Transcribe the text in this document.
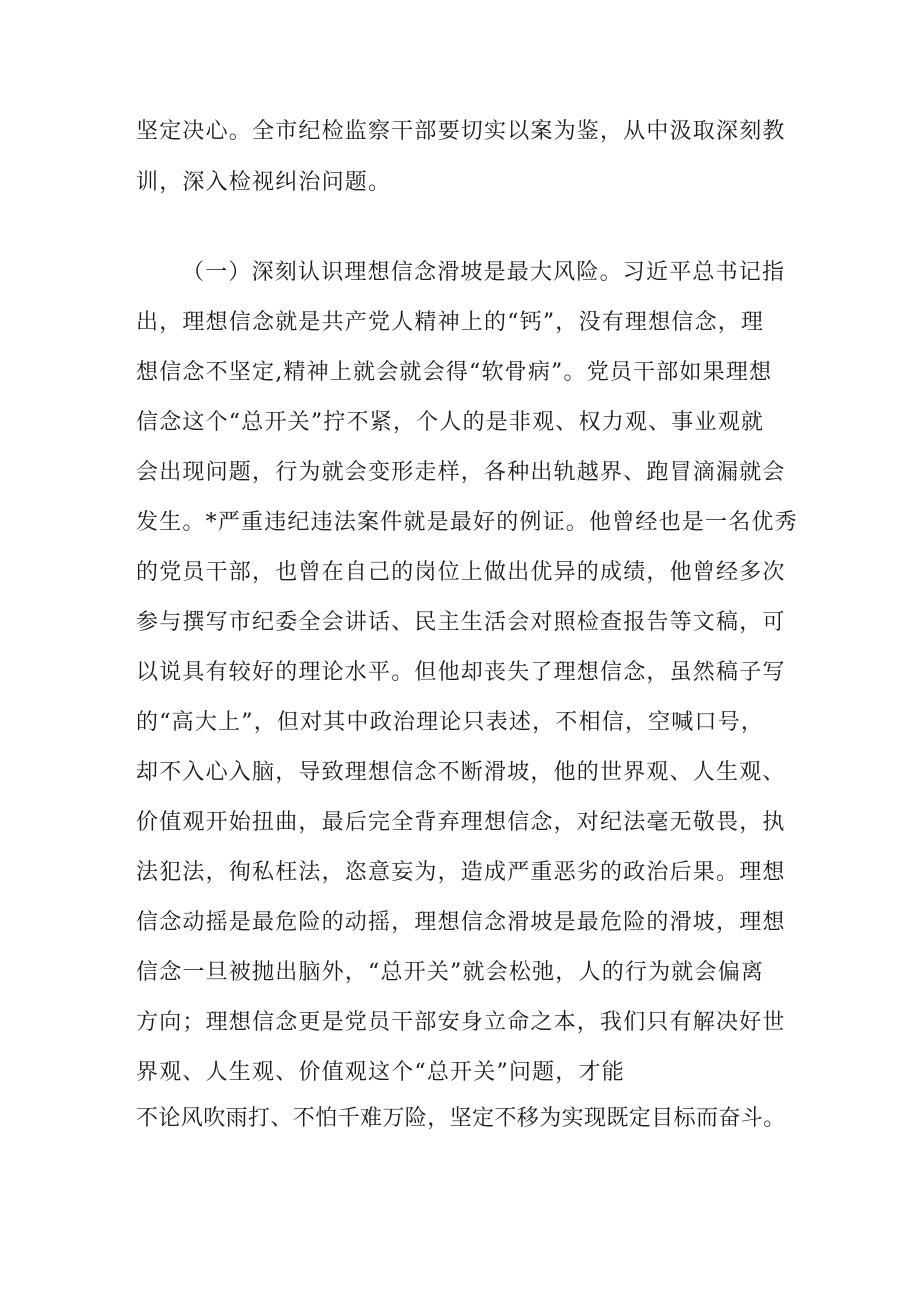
坚定决心。全市纪检监察干部要切实以案为鉴，从中汲取深刻教
训，深入检视纠治问题。
（一）深刻认识理想信念滑坡是最大风险。习近平总书记指
出，理想信念就是共产党人精神上的“钙”，没有理想信念，理
想信念不坚定,精神上就会就会得“软骨病”。党员干部如果理想
信念这个“总开关”拧不紧，个人的是非观、权力观、事业观就
会出现问题，行为就会变形走样，各种出轨越界、跑冒滴漏就会
发生。*严重违纪违法案件就是最好的例证。他曾经也是一名优秀
的党员干部，也曾在自己的岗位上做出优异的成绩，他曾经多次
参与撰写市纪委全会讲话、民主生活会对照检查报告等文稿，可
以说具有较好的理论水平。但他却丧失了理想信念，虽然稿子写
的“高大上”，但对其中政治理论只表述，不相信，空喊口号，
却不入心入脑，导致理想信念不断滑坡，他的世界观、人生观、
价值观开始扭曲，最后完全背弃理想信念，对纪法毫无敬畏，执
法犯法，徇私枉法，恣意妄为，造成严重恶劣的政治后果。理想
信念动摇是最危险的动摇，理想信念滑坡是最危险的滑坡，理想
信念一旦被抛出脑外，“总开关”就会松弛，人的行为就会偏离
方向；理想信念更是党员干部安身立命之本，我们只有解决好世
界观、人生观、价值观这个“总开关”问题，才能
不论风吹雨打、不怕千难万险，坚定不移为实现既定目标而奋斗。
